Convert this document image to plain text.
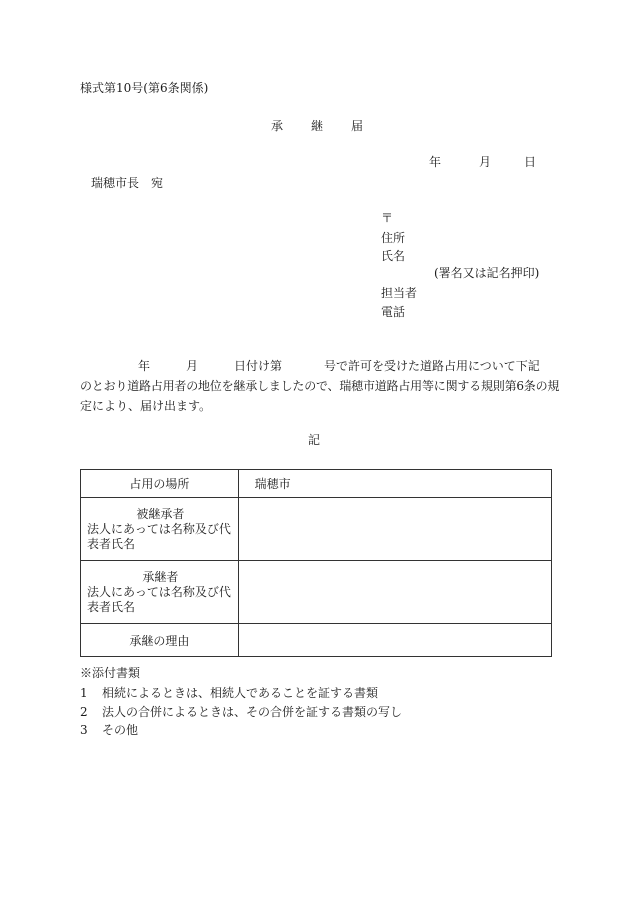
様式第10号(第6条関係)
承 継 届
年	月	日
瑞穂市長　宛
〒
住所
氏名
(署名又は記名押印)
担当者
電話
年	月	日付け第	号で許可を受けた道路占用について下記
のとおり道路占用者の地位を継承しましたので、瑞穂市道路占用等に関する規則第6条の規
定により、届け出ます。
記
占用の場所	瑞穂市

被継承者
法人にあっては名称及び代
表者氏名	

承継者
法人にあっては名称及び代
表者氏名	

承継の理由	
※添付書類
1 相続によるときは、相続人であることを証する書類
2 法人の合併によるときは、その合併を証する書類の写し
3 その他
